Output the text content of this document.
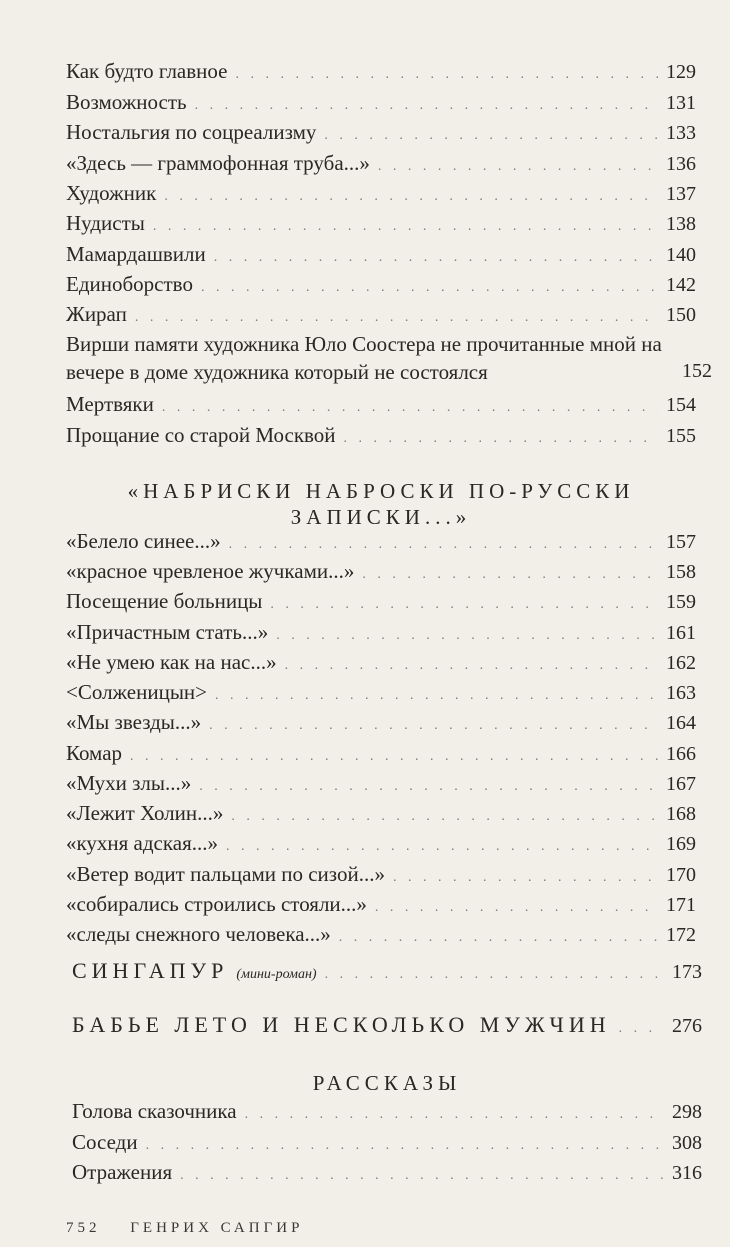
Как будто главное . . .	129
Возможность . . .	131
Ностальгия по соцреализму . . .	133
«Здесь — граммофонная труба...» . . .	136
Художник . . .	137
Нудисты . . .	138
Мамардашвили . . .	140
Единоборство . . .	142
Жирап . . .	150
Вирши памяти художника Юло Соостера не прочитанные мной на вечере в доме художника который не состоялся	152
Мертвяки . . .	154
Прощание со старой Москвой . . .	155
«НАБРИСКИ НАБРОСКИ ПО-РУССКИ
ЗАПИСКИ...»
«Белело синее...» . . .	157
«красное чревленое жучками...» . . .	158
Посещение больницы . . .	159
«Причастным стать...» . . .	161
«Не умею как на нас...» . . .	162
<Солженицын> . . .	163
«Мы звезды...» . . .	164
Комар . . .	166
«Мухи злы...» . . .	167
«Лежит Холин...» . . .	168
«кухня адская...» . . .	169
«Ветер водит пальцами по сизой...» . . .	170
«собирались строились стояли...» . . .	171
«следы снежного человека...» . . .	172
СИНГАПУР (мини-роман) . . .	173
БАБЬЕ ЛЕТО И НЕСКОЛЬКО МУЖЧИН . . .	276
РАССКАЗЫ
Голова сказочника . . .	298
Соседи . . .	308
Отражения . . .	316
752 ГЕНРИХ САПГИР
